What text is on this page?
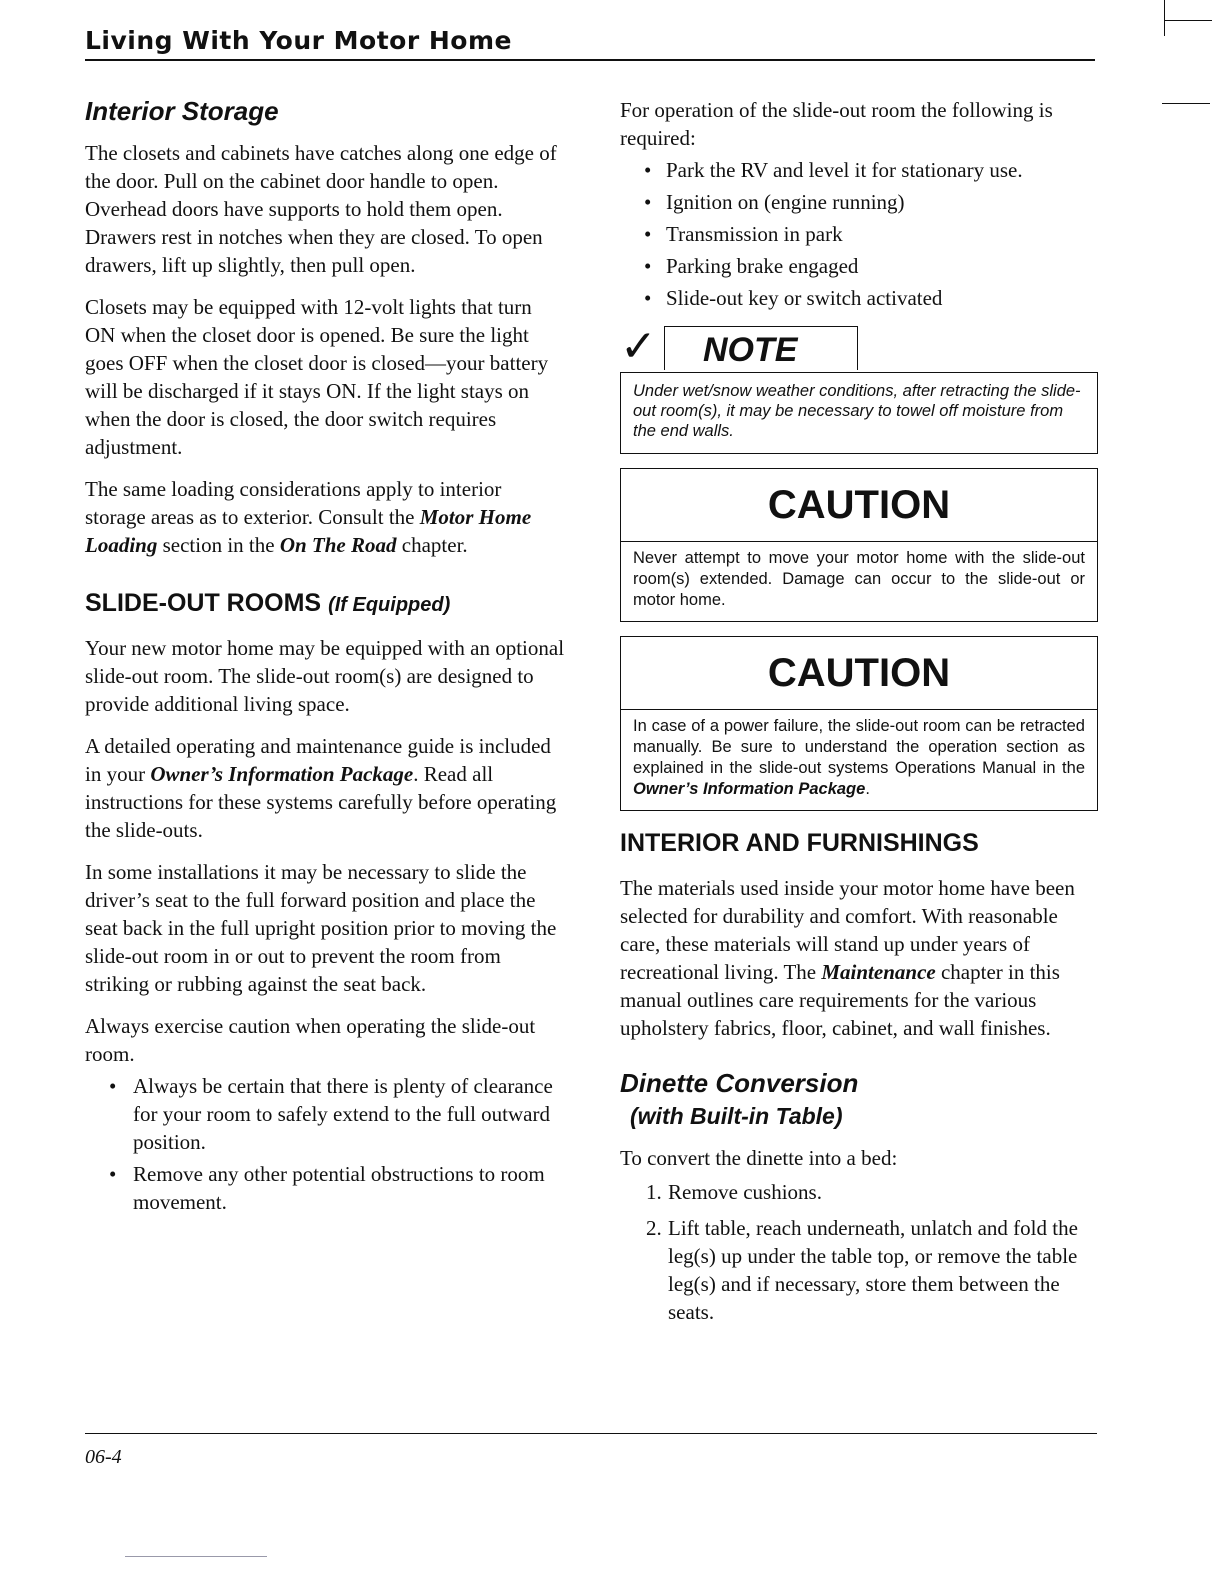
Living With Your Motor Home
Interior Storage

The closets and cabinets have catches along one edge of the door. Pull on the cabinet door handle to open. Overhead doors have supports to hold them open. Drawers rest in notches when they are closed. To open drawers, lift up slightly, then pull open.

Closets may be equipped with 12-volt lights that turn ON when the closet door is opened. Be sure the light goes OFF when the closet door is closed—your battery will be discharged if it stays ON. If the light stays on when the door is closed, the door switch requires adjustment.

The same loading considerations apply to interior storage areas as to exterior. Consult the Motor Home Loading section in the On The Road chapter.

SLIDE-OUT ROOMS (If Equipped)

Your new motor home may be equipped with an optional slide-out room. The slide-out room(s) are designed to provide additional living space.

A detailed operating and maintenance guide is included in your Owner’s Information Package. Read all instructions for these systems carefully before operating the slide-outs.

In some installations it may be necessary to slide the driver’s seat to the full forward position and place the seat back in the full upright position prior to moving the slide-out room in or out to prevent the room from striking or rubbing against the seat back.

Always exercise caution when operating the slide-out room.

• Always be certain that there is plenty of clearance for your room to safely extend to the full outward position.
• Remove any other potential obstructions to room movement.

For operation of the slide-out room the following is required:

• Park the RV and level it for stationary use.
• Ignition on (engine running)
• Transmission in park
• Parking brake engaged
• Slide-out key or switch activated
✓	NOTE
Under wet/snow weather conditions, after retracting the slide-out room(s), it may be necessary to towel off moisture from the end walls.
CAUTION
Never attempt to move your motor home with the slide-out room(s) extended. Damage can occur to the slide-out or motor home.
CAUTION
In case of a power failure, the slide-out room can be retracted manually. Be sure to understand the operation section as explained in the slide-out systems Operations Manual in the Owner’s Information Package.
INTERIOR AND FURNISHINGS

The materials used inside your motor home have been selected for durability and comfort. With reasonable care, these materials will stand up under years of recreational living. The Maintenance chapter in this manual outlines care requirements for the various upholstery fabrics, floor, cabinet, and wall finishes.

Dinette Conversion
(with Built-in Table)

To convert the dinette into a bed:

1. Remove cushions.
2. Lift table, reach underneath, unlatch and fold the leg(s) up under the table top, or remove the table leg(s) and if necessary, store them between the seats.
06-4
